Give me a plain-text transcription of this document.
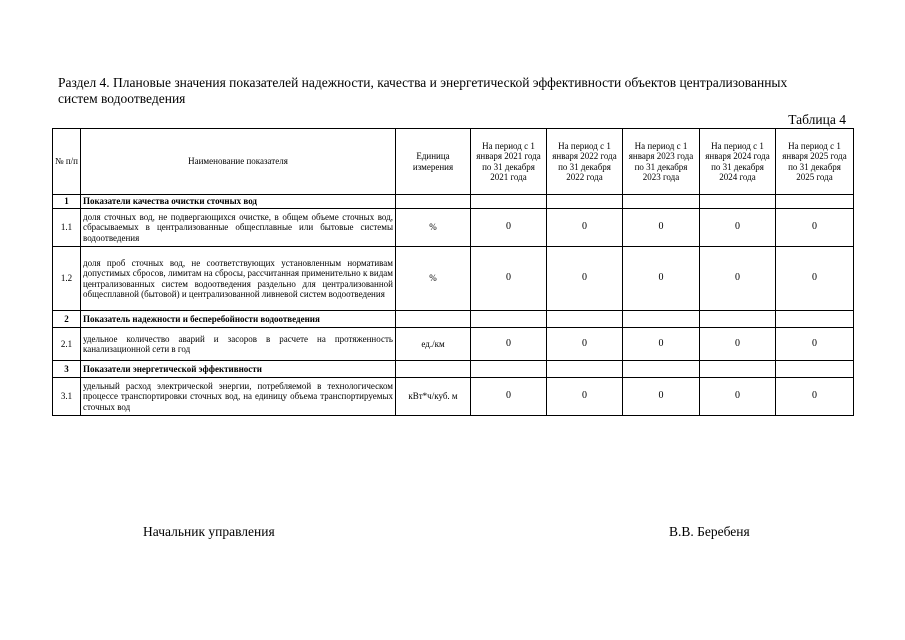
Раздел 4. Плановые значения показателей надежности, качества и энергетической эффективности объектов централизованных систем водоотведения
Таблица 4
№ п/п	Наименование показателя	Единица измерения	На период с 1 января 2021 года по 31 декабря 2021 года	На период с 1 января 2022 года по 31 декабря 2022 года	На период с 1 января 2023 года по 31 декабря 2023 года	На период с 1 января 2024 года по 31 декабря 2024 года	На период с 1 января 2025 года по 31 декабря 2025 года
1	Показатели качества очистки сточных вод						
1.1	доля сточных вод, не подвергающихся очистке, в общем объеме сточных вод, сбрасываемых в централизованные общесплавные или бытовые системы водоотведения	%	0	0	0	0	0
1.2	доля проб сточных вод, не соответствующих установленным нормативам допустимых сбросов, лимитам на сбросы, рассчитанная применительно к видам централизованных систем водоотведения раздельно для централизованной общесплавной (бытовой) и централизованной ливневой систем водоотведения	%	0	0	0	0	0
2	Показатель надежности и бесперебойности водоотведения						
2.1	удельное количество аварий и засоров в расчете на протяженность канализационной сети в год	ед./км	0	0	0	0	0
3	Показатели энергетической эффективности						
3.1	удельный расход электрической энергии, потребляемой в технологическом процессе транспортировки сточных вод, на единицу объема транспортируемых сточных вод	кВт*ч/куб. м	0	0	0	0	0
Начальник управления	В.В. Беребеня
